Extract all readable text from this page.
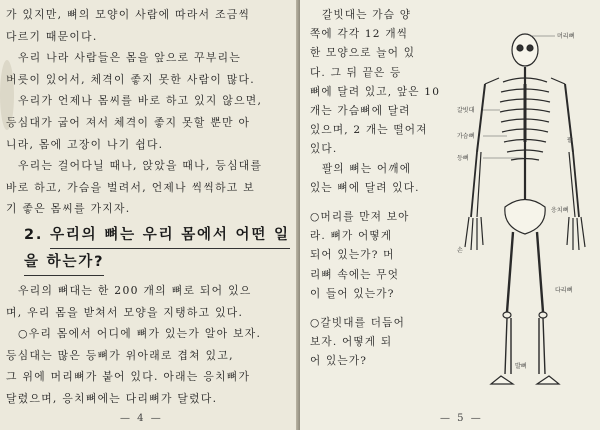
가 있지만, 뼈의 모양이 사람에 따라서 조금씩

다르기 때문이다.

우리 나라 사람들은 몸을 앞으로 꾸부리는

버릇이 있어서, 체격이 좋지 못한 사람이 많다.

우리가 언제나 몸씨를 바로 하고 있지 않으면,

등심대가 굽어 져서 체격이 좋지 못할 뿐만 아

니라, 몸에 고장이 나기 쉽다.

우리는 걸어다닐 때나, 앉았을 때나, 등심대를

바로 하고, 가슴을 벌려서, 언제나 씩씩하고 보

기 좋은 몸씨를 가지자.

2. 우리의 뼈는 우리 몸에서 어떤 일
을 하는가?

우리의 뼈대는 한 200 개의 뼈로 되어 있으

며, 우리 몸을 받쳐서 모양을 지탱하고 있다.

○우리 몸에서 어디에 뼈가 있는가 알아 보자.

등심대는 많은 등뼈가 위아래로 겹쳐 있고,

그 위에 머리뼈가 붙어 있다. 아래는 응치뼈가

달렸으며, 응치뼈에는 다리뼈가 달렸다.

— 4 —

갈빗대는 가슴 양

쪽에 각각 12 개씩

한 모양으로 늘어 있

다. 그 뒤 끝은 등

뼈에 달려 있고, 앞은 10

개는 가슴뼈에 달려

있으며, 2 개는 떨어져

있다.

팔의 뼈는 어깨에

있는 뼈에 달려 있다.

○머리를 만져 보아

라. 뼈가 어떻게

되어 있는가? 머

리뼈 속에는 무엇

이 들어 있는가?

○갈빗대를 더듬어

보자. 어떻게 되

어 있는가?

머리뼈
갈빗대
가슴뼈
등뼈
팔
손
응치뼈
다리뼈
발뼈
— 5 —
